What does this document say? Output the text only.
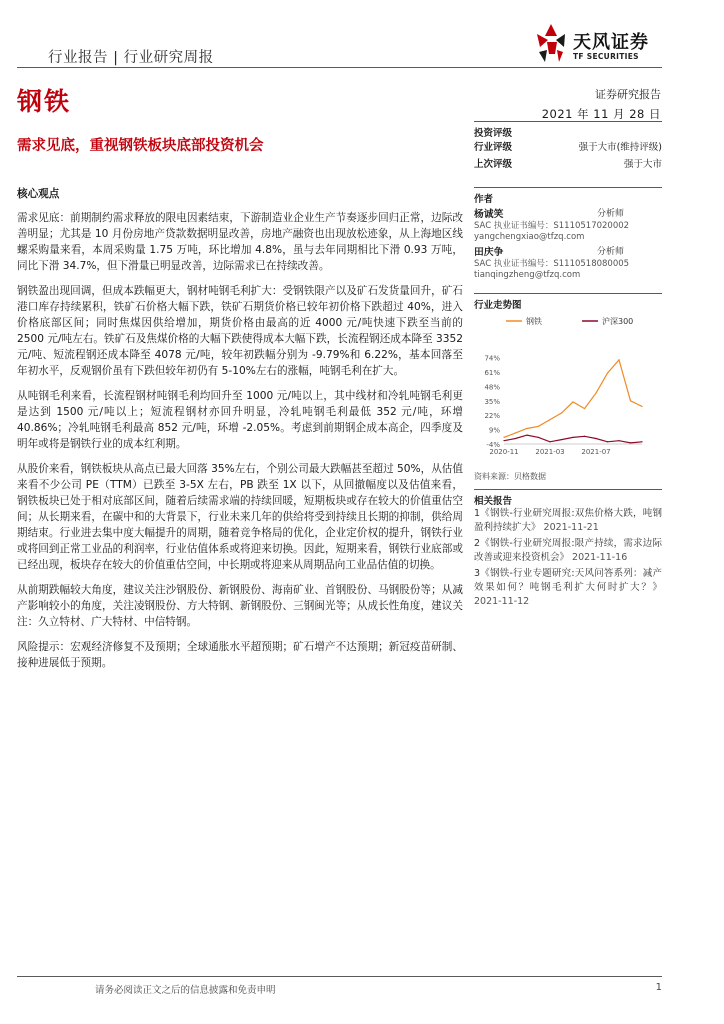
行业报告 | 行业研究周报
天风证券
TF SECURITIES
钢铁	证券研究报告
2021 年 11 月 28 日
需求见底，重视钢铁板块底部投资机会
核心观点

需求见底：前期制约需求释放的限电因素结束，下游制造业企业生产节奏逐步回归正常，边际改善明显；尤其是 10 月份房地产贷款数据明显改善，房地产融资也出现放松迹象，从上海地区线螺采购量来看，本周采购量 1.75 万吨，环比增加 4.8%，虽与去年同期相比下滑 0.93 万吨，同比下滑 34.7%，但下滑量已明显改善，边际需求已在持续改善。

钢铁盈出现回调，但成本跌幅更大，钢材吨钢毛利扩大：受钢铁限产以及矿石发货量回升，矿石港口库存持续累积，铁矿石价格大幅下跌，铁矿石期货价格已较年初价格下跌超过 40%，进入价格底部区间；同时焦煤因供给增加，期货价格由最高的近 4000 元/吨快速下跌至当前的 2500 元/吨左右。铁矿石及焦煤价格的大幅下跌使得成本大幅下跌，长流程钢还成本降至 3352 元/吨、短流程钢还成本降至 4078 元/吨，较年初跌幅分别为 -9.79%和 6.22%，基本回落至年初水平，反观钢价虽有下跌但较年初仍有 5-10%左右的涨幅，吨钢毛利在扩大。

从吨钢毛利来看，长流程钢材吨钢毛利均回升至 1000 元/吨以上，其中线材和冷轧吨钢毛利更是达到 1500 元/吨以上；短流程钢材亦回升明显，冷轧吨钢毛利最低 352 元/吨，环增 40.86%；冷轧吨钢毛利最高 852 元/吨，环增 -2.05%。考虑到前期钢企成本高企，四季度及明年或将是钢铁行业的成本红利期。

从股价来看，钢铁板块从高点已最大回落 35%左右，个别公司最大跌幅甚至超过 50%，从估值来看不少公司 PE（TTM）已跌至 3-5X 左右，PB 跌至 1X 以下，从回撤幅度以及估值来看，钢铁板块已处于相对底部区间，随着后续需求端的持续回暖，短期板块或存在较大的价值重估空间；从长期来看，在碳中和的大背景下，行业未来几年的供给将受到持续且长期的抑制，供给周期结束。行业进去集中度大幅提升的周期，随着竞争格局的优化，企业定价权的提升，钢铁行业或将回到正常工业品的利润率，行业估值体系或将迎来切换。因此，短期来看，钢铁行业底部或已经出现，板块存在较大的价值重估空间，中长期或将迎来从周期品向工业品估值的切换。

从前期跌幅较大角度，建议关注沙钢股份、新钢股份、海南矿业、首钢股份、马钢股份等；从减产影响较小的角度，关注凌钢股份、方大特钢、新钢股份、三钢闽光等；从成长性角度，建议关注：久立特材、广大特材、中信特钢。

风险提示：宏观经济修复不及预期；全球通胀水平超预期；矿石增产不达预期；新冠疫苗研制、接种进展低于预期。

投资评级
行业评级	强于大市(维持评级)
上次评级	强于大市
作者
杨诚笑	分析师
SAC 执业证书编号：S1110517020002
yangchengxiao@tfzq.com
田庆争	分析师
SAC 执业证书编号：S1110518080005
tianqingzheng@tfzq.com
行业走势图
钢铁	沪深300
74%
61%
48%
35%
22%
9%
-4%
2020-11 2021-03 2021-07
资料来源：贝格数据
相关报告
1《钢铁-行业研究周报:双焦价格大跌，吨钢盈利持续扩大》 2021-11-21
2《钢铁-行业研究周报:限产持续，需求边际改善或迎来投资机会》 2021-11-16
3《钢铁-行业专题研究:天风问答系列：减产效果如何？吨钢毛利扩大何时扩大？》 2021-11-12
请务必阅读正文之后的信息披露和免责申明	1
